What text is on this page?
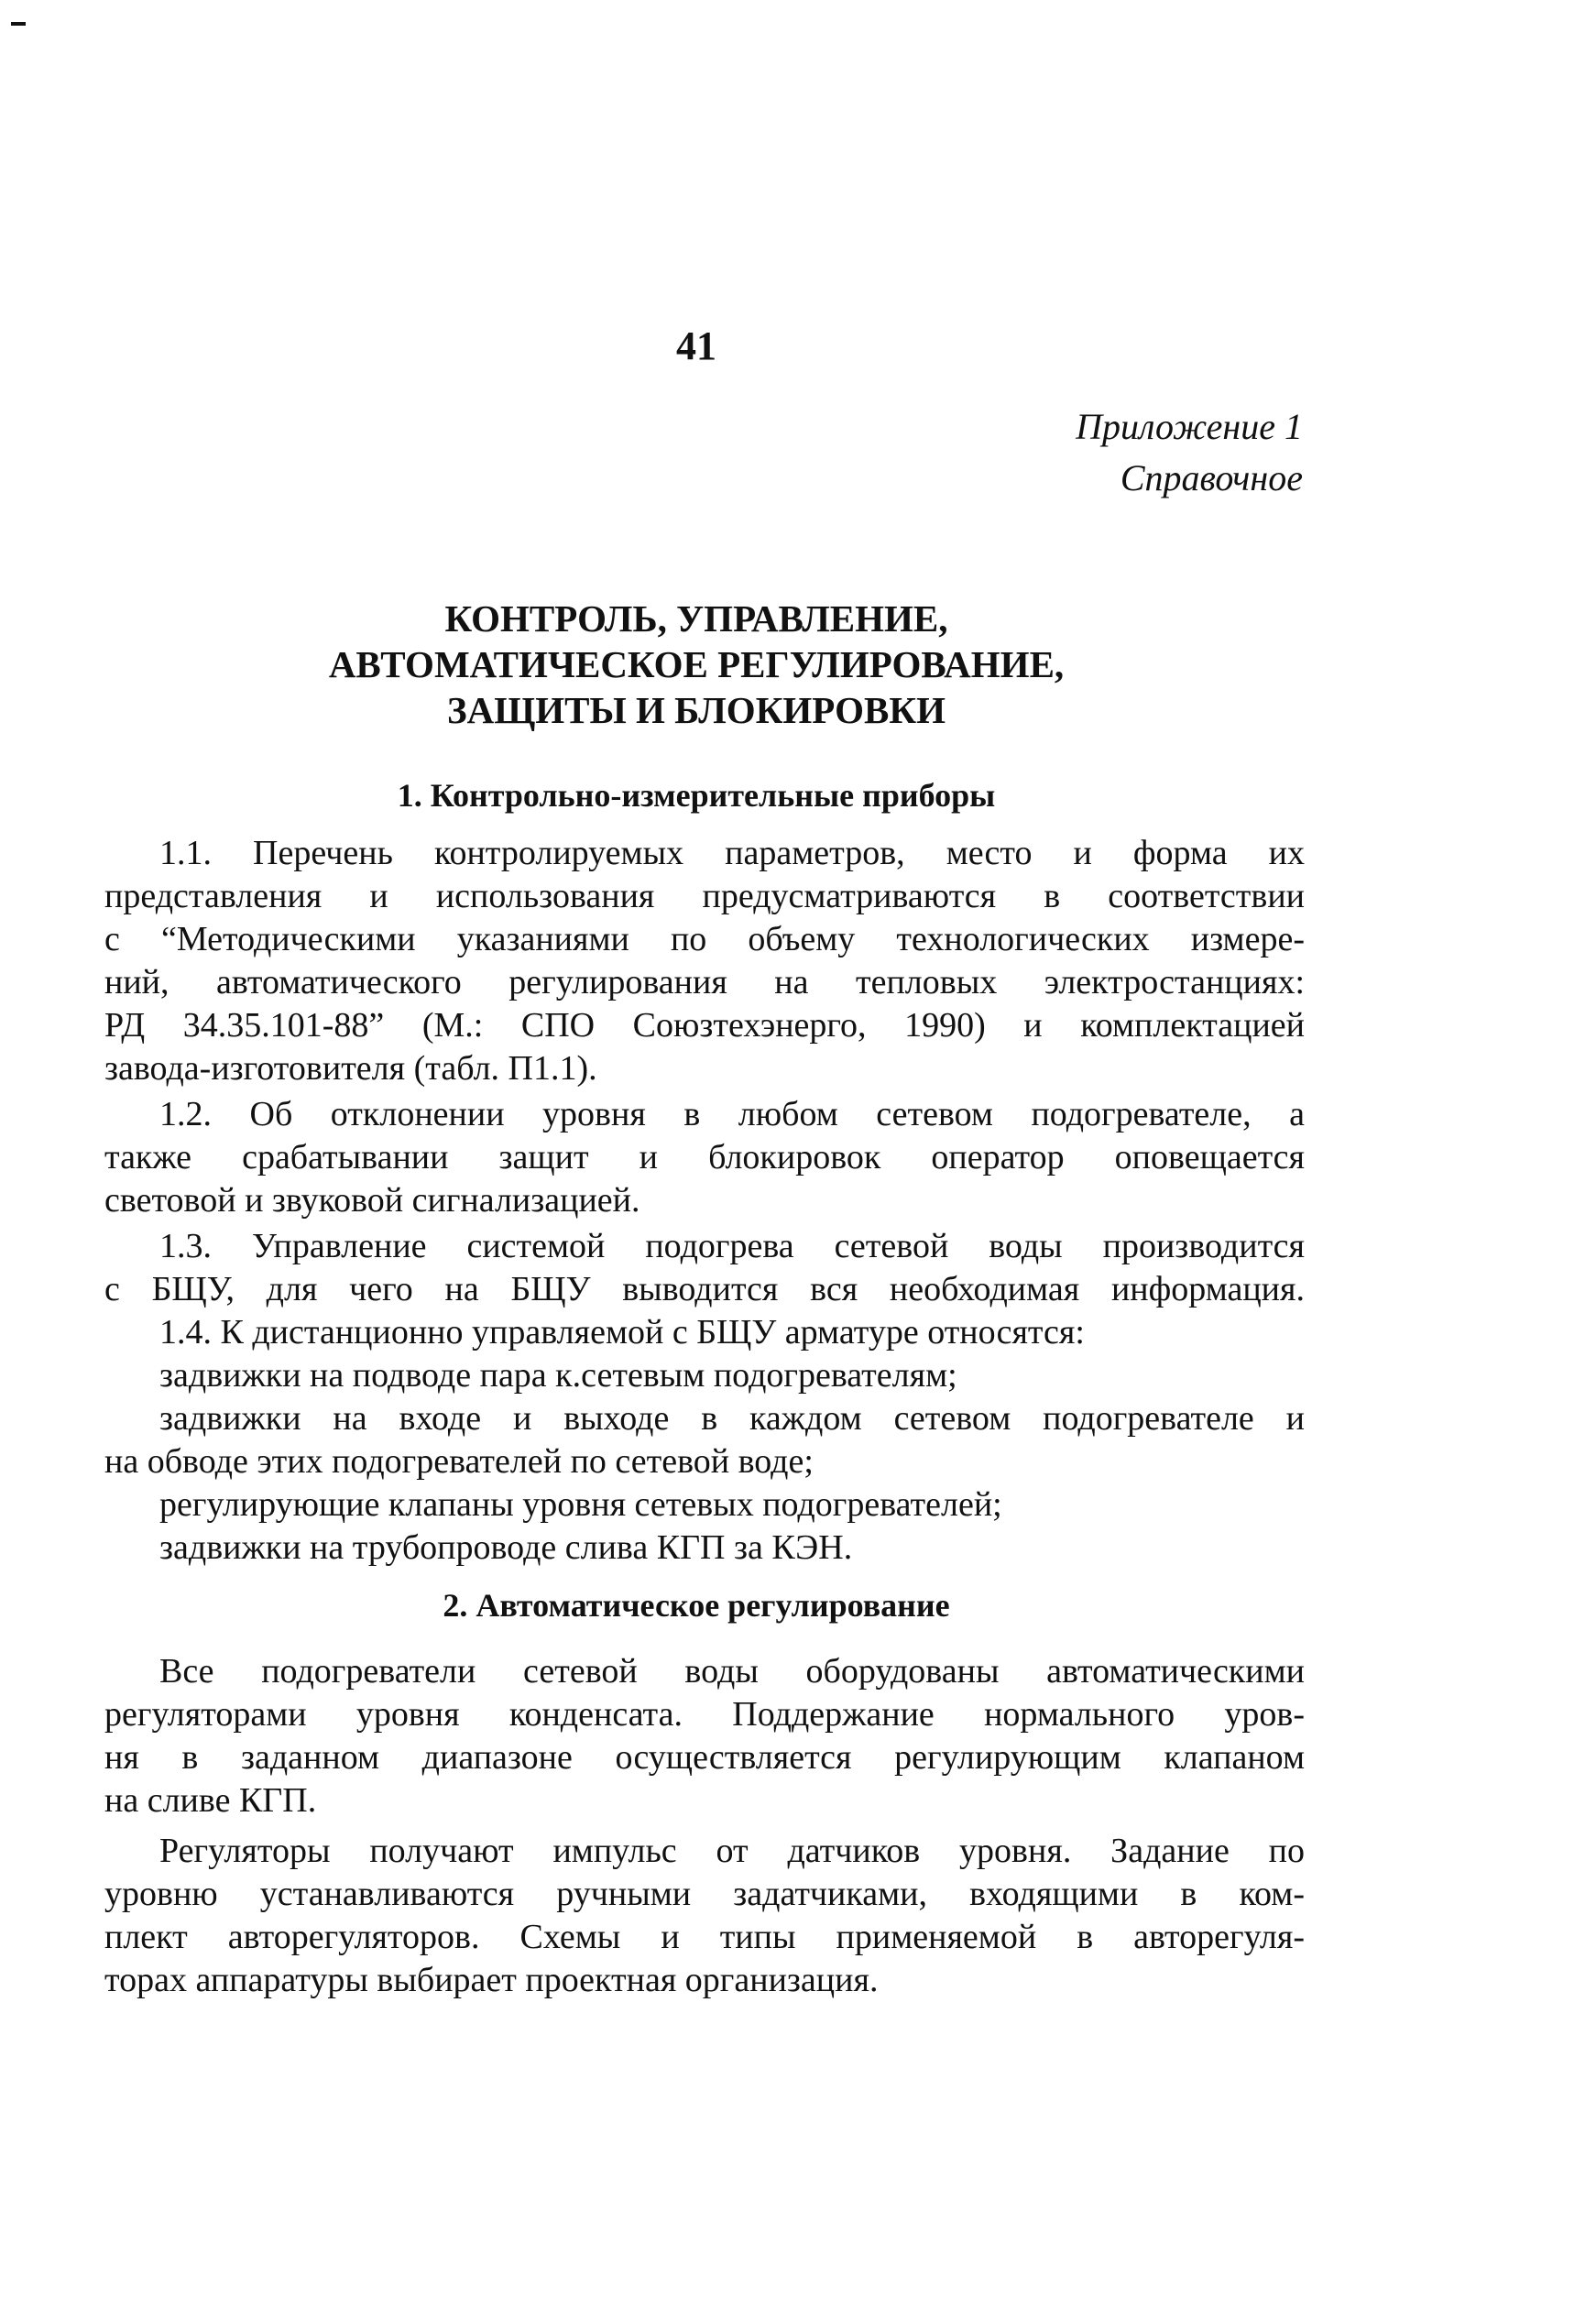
41
Приложение 1
Справочное
КОНТРОЛЬ, УПРАВЛЕНИЕ,
АВТОМАТИЧЕСКОЕ РЕГУЛИРОВАНИЕ,
ЗАЩИТЫ И БЛОКИРОВКИ
1. Контрольно-измерительные приборы
1.1. Перечень контролируемых параметров, место и форма их
представления и использования предусматриваются в соответствии
с “Методическими указаниями по объему технологических измере-
ний, автоматического регулирования на тепловых электростанциях:
РД 34.35.101-88” (М.: СПО Союзтехэнерго, 1990) и комплектацией
завода-изготовителя (табл. П1.1).
1.2. Об отклонении уровня в любом сетевом подогревателе, а
также срабатывании защит и блокировок оператор оповещается
световой и звуковой сигнализацией.
1.3. Управление системой подогрева сетевой воды производится
с БЩУ, для чего на БЩУ выводится вся необходимая информация.
1.4. К дистанционно управляемой с БЩУ арматуре относятся:
задвижки на подводе пара к.сетевым подогревателям;
задвижки на входе и выходе в каждом сетевом подогревателе и
на обводе этих подогревателей по сетевой воде;
регулирующие клапаны уровня сетевых подогревателей;
задвижки на трубопроводе слива КГП за КЭН.
2. Автоматическое регулирование
Все подогреватели сетевой воды оборудованы автоматическими
регуляторами уровня конденсата. Поддержание нормального уров-
ня в заданном диапазоне осуществляется регулирующим клапаном
на сливе КГП.
Регуляторы получают импульс от датчиков уровня. Задание по
уровню устанавливаются ручными задатчиками, входящими в ком-
плект авторегуляторов. Схемы и типы применяемой в авторегуля-
торах аппаратуры выбирает проектная организация.
